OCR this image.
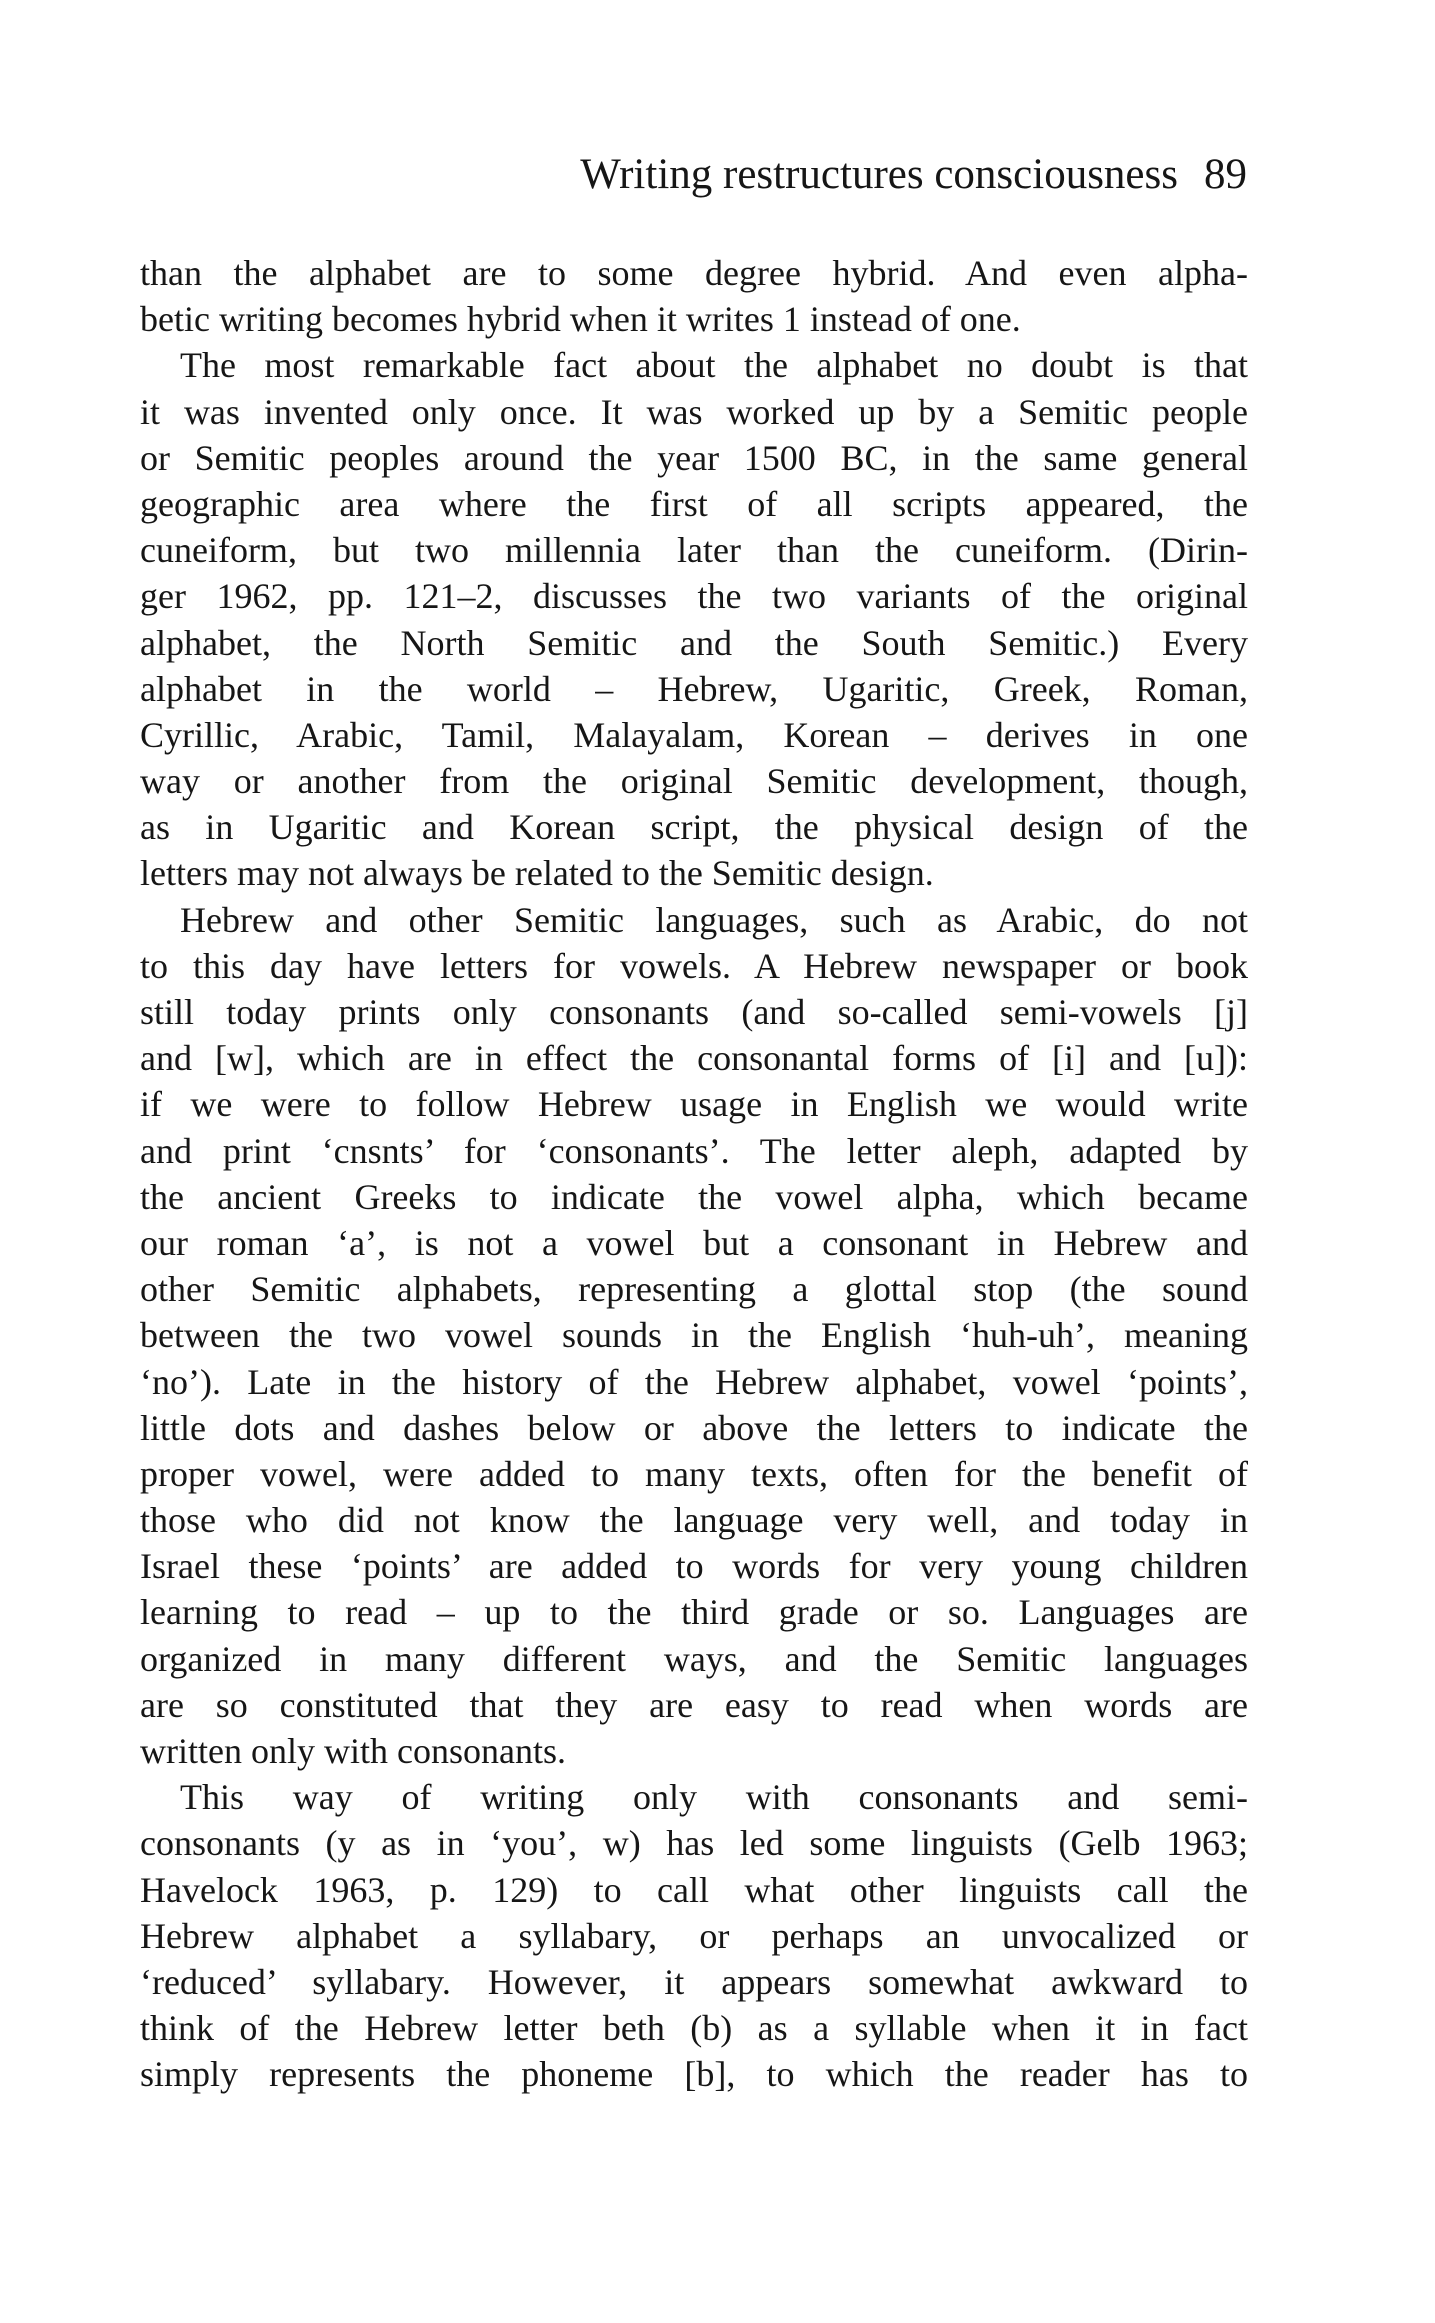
Writing restructures consciousness 89
than the alphabet are to some degree hybrid. And even alpha-
betic writing becomes hybrid when it writes 1 instead of one.
The most remarkable fact about the alphabet no doubt is that
it was invented only once. It was worked up by a Semitic people
or Semitic peoples around the year 1500 BC, in the same general
geographic area where the first of all scripts appeared, the
cuneiform, but two millennia later than the cuneiform. (Dirin-
ger 1962, pp. 121–2, discusses the two variants of the original
alphabet, the North Semitic and the South Semitic.) Every
alphabet in the world – Hebrew, Ugaritic, Greek, Roman,
Cyrillic, Arabic, Tamil, Malayalam, Korean – derives in one
way or another from the original Semitic development, though,
as in Ugaritic and Korean script, the physical design of the
letters may not always be related to the Semitic design.
Hebrew and other Semitic languages, such as Arabic, do not
to this day have letters for vowels. A Hebrew newspaper or book
still today prints only consonants (and so-called semi-vowels [j]
and [w], which are in effect the consonantal forms of [i] and [u]):
if we were to follow Hebrew usage in English we would write
and print ‘cnsnts’ for ‘consonants’. The letter aleph, adapted by
the ancient Greeks to indicate the vowel alpha, which became
our roman ‘a’, is not a vowel but a consonant in Hebrew and
other Semitic alphabets, representing a glottal stop (the sound
between the two vowel sounds in the English ‘huh-uh’, meaning
‘no’). Late in the history of the Hebrew alphabet, vowel ‘points’,
little dots and dashes below or above the letters to indicate the
proper vowel, were added to many texts, often for the benefit of
those who did not know the language very well, and today in
Israel these ‘points’ are added to words for very young children
learning to read – up to the third grade or so. Languages are
organized in many different ways, and the Semitic languages
are so constituted that they are easy to read when words are
written only with consonants.
This way of writing only with consonants and semi-
consonants (y as in ‘you’, w) has led some linguists (Gelb 1963;
Havelock 1963, p. 129) to call what other linguists call the
Hebrew alphabet a syllabary, or perhaps an unvocalized or
‘reduced’ syllabary. However, it appears somewhat awkward to
think of the Hebrew letter beth (b) as a syllable when it in fact
simply represents the phoneme [b], to which the reader has to
